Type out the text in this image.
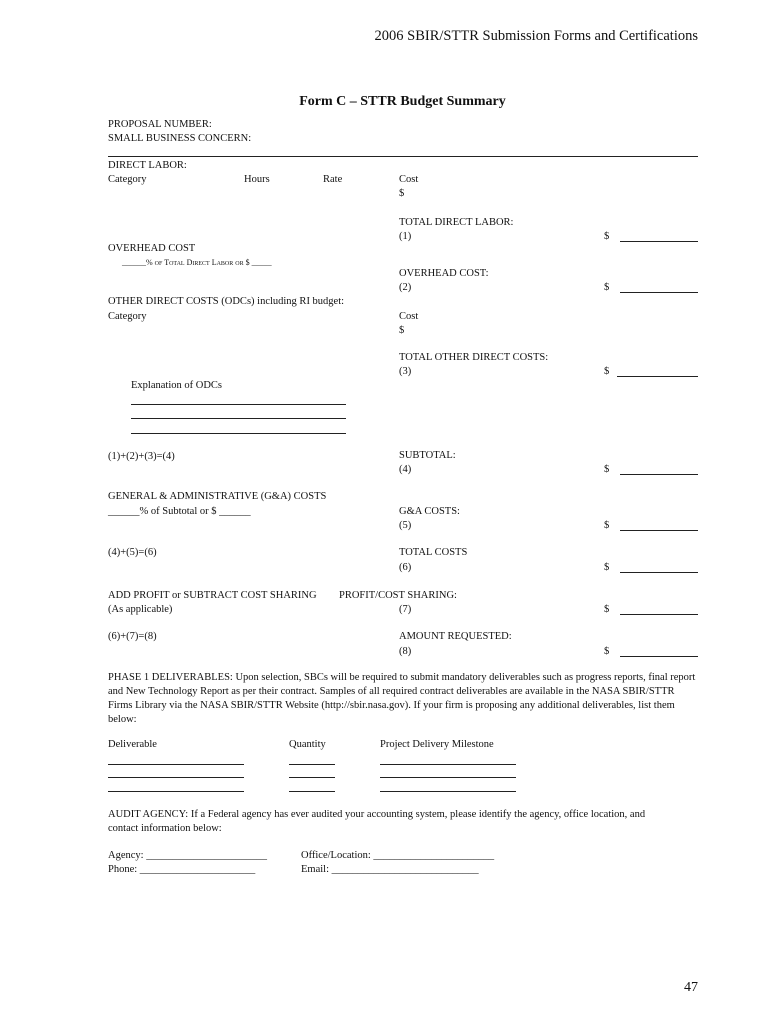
2006 SBIR/STTR Submission Forms and Certifications
Form C – STTR Budget Summary
PROPOSAL NUMBER:
SMALL BUSINESS CONCERN:
DIRECT LABOR:
Category	Hours	Rate	Cost
$
TOTAL DIRECT LABOR:
(1)	$
OVERHEAD COST
______% of Total Direct Labor or $ _____
OVERHEAD COST:
(2)	$
OTHER DIRECT COSTS (ODCs) including RI budget:
Category	Cost
$
TOTAL OTHER DIRECT COSTS:
(3)	$
Explanation of ODCs
(1)+(2)+(3)=(4)	SUBTOTAL:
(4)	$
GENERAL & ADMINISTRATIVE (G&A) COSTS
______% of Subtotal or $ ______	G&A COSTS:
(5)	$
(4)+(5)=(6)	TOTAL COSTS
(6)	$
ADD PROFIT or SUBTRACT COST SHARING PROFIT/COST SHARING:
(As applicable)	(7)	$
(6)+(7)=(8)	AMOUNT REQUESTED:
(8)	$
PHASE 1 DELIVERABLES: Upon selection, SBCs will be required to submit mandatory deliverables such as progress reports, final report and New Technology Report as per their contract. Samples of all required contract deliverables are available in the NASA SBIR/STTR Firms Library via the NASA SBIR/STTR Website (http://sbir.nasa.gov). If your firm is proposing any additional deliverables, list them below:
Deliverable	Quantity	Project Delivery Milestone
AUDIT AGENCY: If a Federal agency has ever audited your accounting system, please identify the agency, office location, and contact information below:
Agency: _______________________	Office/Location: _______________________
Phone: ______________________	Email: ____________________________
47
